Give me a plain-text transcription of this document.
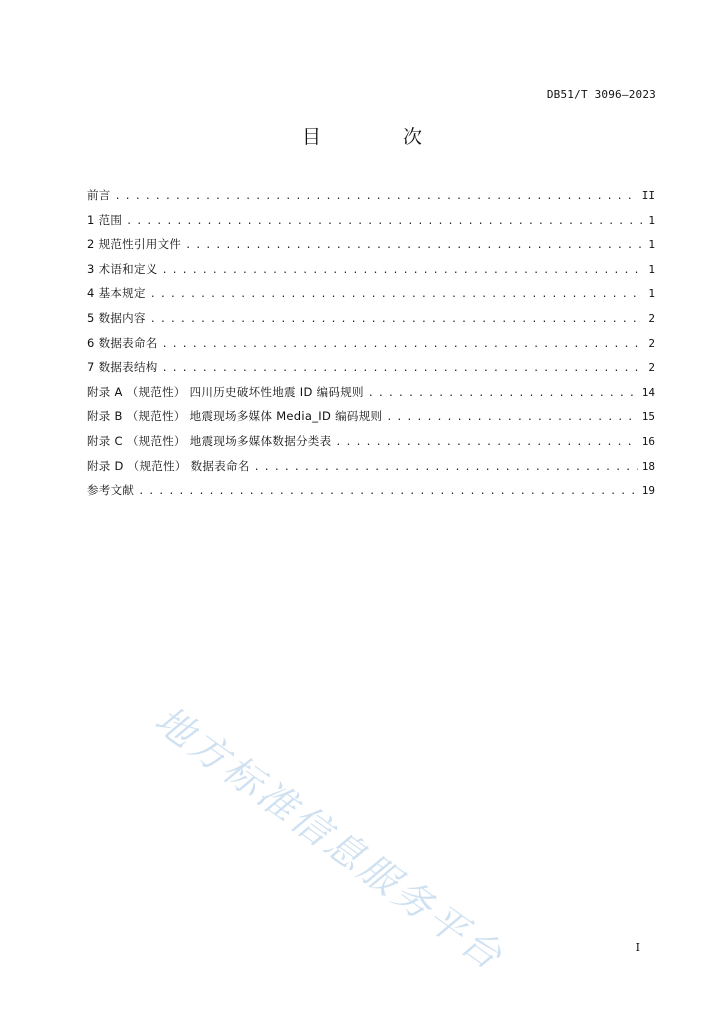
DB51/T 3096—2023
目 次
前言 . . .	II
1 范围 . . .	1
2 规范性引用文件 . . .	1
3 术语和定义 . . .	1
4 基本规定 . . .	1
5 数据内容 . . .	2
6 数据表命名 . . .	2
7 数据表结构 . . .	2
附录 A （规范性） 四川历史破坏性地震 ID 编码规则 . . .	14
附录 B （规范性） 地震现场多媒体 Media_ID 编码规则 . . .	15
附录 C （规范性） 地震现场多媒体数据分类表 . . .	16
附录 D （规范性） 数据表命名 . . .	18
参考文献 . . .	19
地方标准信息服务平台	I
